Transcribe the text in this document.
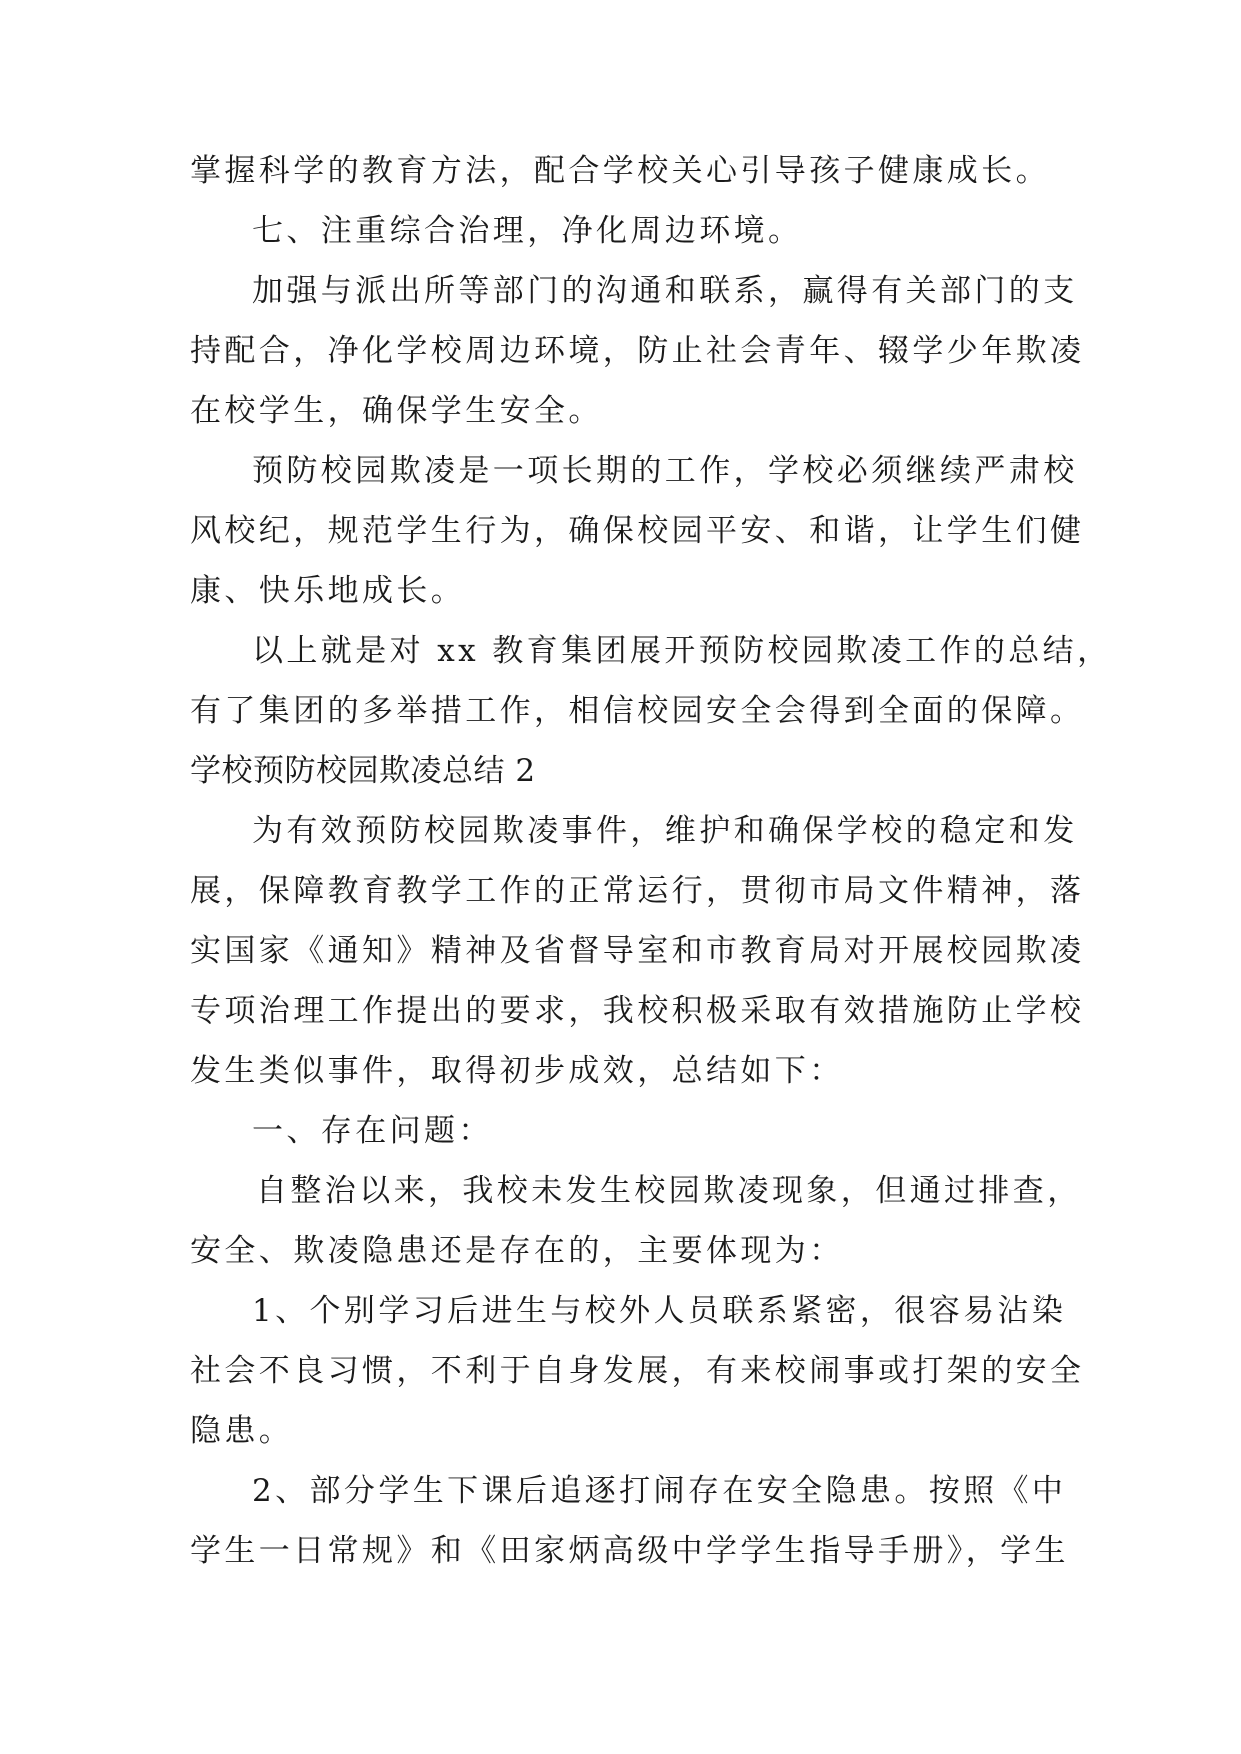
掌握科学的教育方法，配合学校关心引导孩子健康成长。
七、注重综合治理，净化周边环境。
加强与派出所等部门的沟通和联系，赢得有关部门的支
持配合，净化学校周边环境，防止社会青年、辍学少年欺凌
在校学生，确保学生安全。
预防校园欺凌是一项长期的工作，学校必须继续严肃校
风校纪，规范学生行为，确保校园平安、和谐，让学生们健
康、快乐地成长。
以上就是对 xx 教育集团展开预防校园欺凌工作的总结，
有了集团的多举措工作，相信校园安全会得到全面的保障。
学校预防校园欺凌总结 2
为有效预防校园欺凌事件，维护和确保学校的稳定和发
展，保障教育教学工作的正常运行，贯彻市局文件精神，落
实国家《通知》精神及省督导室和市教育局对开展校园欺凌
专项治理工作提出的要求，我校积极采取有效措施防止学校
发生类似事件，取得初步成效，总结如下：
一、存在问题：
自整治以来，我校未发生校园欺凌现象，但通过排查，
安全、欺凌隐患还是存在的，主要体现为：
1、个别学习后进生与校外人员联系紧密，很容易沾染
社会不良习惯，不利于自身发展，有来校闹事或打架的安全
隐患。
2、部分学生下课后追逐打闹存在安全隐患。按照《中
学生一日常规》和《田家炳高级中学学生指导手册》，学生
